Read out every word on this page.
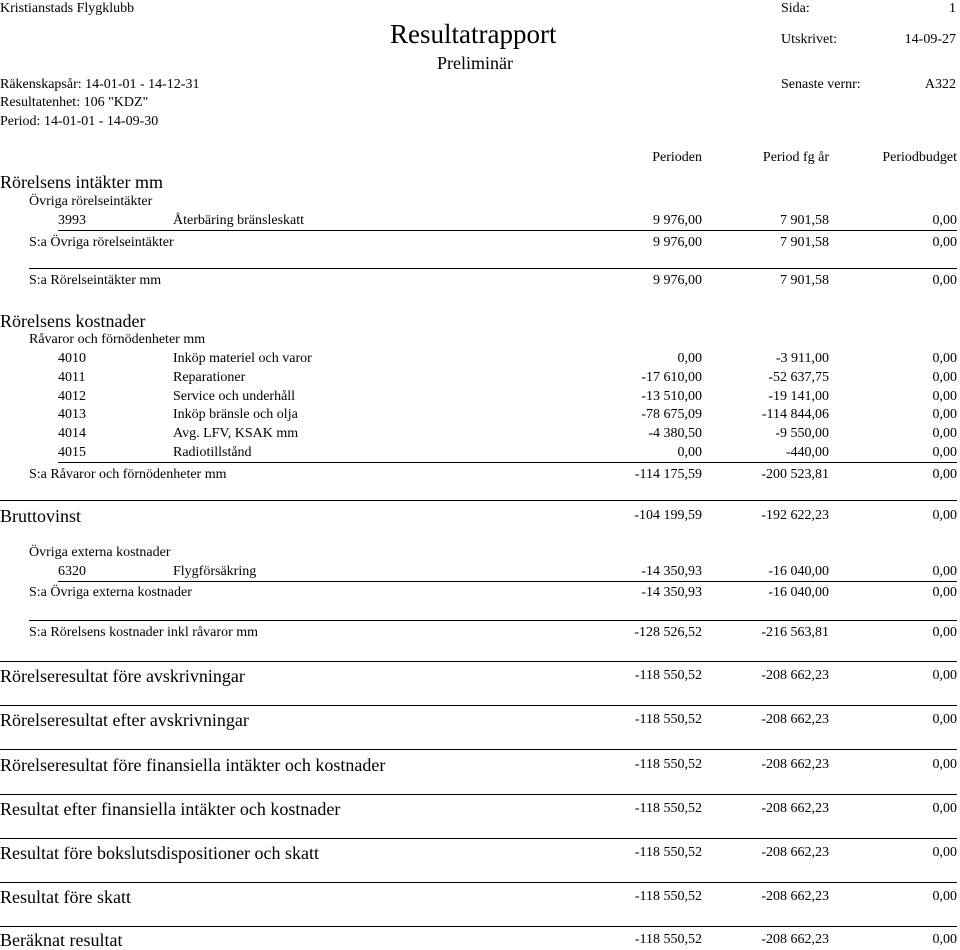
Kristianstads Flygklubb
Resultatrapport
Preliminär
Sida:	1
Utskrivet:	14-09-27
Senaste vernr:	A322
Räkenskapsår: 14-01-01 - 14-12-31
Resultatenhet: 106 "KDZ"
Period: 14-01-01 - 14-09-30
Perioden	Period fg år	Periodbudget
Rörelsens intäkter mm
Övriga rörelseintäkter
3993	Återbäring bränsleskatt	9 976,00	7 901,58	0,00
S:a Övriga rörelseintäkter	9 976,00	7 901,58	0,00
S:a Rörelseintäkter mm	9 976,00	7 901,58	0,00
Rörelsens kostnader
Råvaror och förnödenheter mm
4010	Inköp materiel och varor	0,00	-3 911,00	0,00
4011	Reparationer	-17 610,00	-52 637,75	0,00
4012	Service och underhåll	-13 510,00	-19 141,00	0,00
4013	Inköp bränsle och olja	-78 675,09	-114 844,06	0,00
4014	Avg. LFV, KSAK mm	-4 380,50	-9 550,00	0,00
4015	Radiotillstånd	0,00	-440,00	0,00
S:a Råvaror och förnödenheter mm	-114 175,59	-200 523,81	0,00
Bruttovinst	-104 199,59	-192 622,23	0,00
Övriga externa kostnader
6320	Flygförsäkring	-14 350,93	-16 040,00	0,00
S:a Övriga externa kostnader	-14 350,93	-16 040,00	0,00
S:a Rörelsens kostnader inkl råvaror mm	-128 526,52	-216 563,81	0,00
Rörelseresultat före avskrivningar	-118 550,52	-208 662,23	0,00
Rörelseresultat efter avskrivningar	-118 550,52	-208 662,23	0,00
Rörelseresultat före finansiella intäkter och kostnader	-118 550,52	-208 662,23	0,00
Resultat efter finansiella intäkter och kostnader	-118 550,52	-208 662,23	0,00
Resultat före bokslutsdispositioner och skatt	-118 550,52	-208 662,23	0,00
Resultat före skatt	-118 550,52	-208 662,23	0,00
Beräknat resultat	-118 550,52	-208 662,23	0,00
